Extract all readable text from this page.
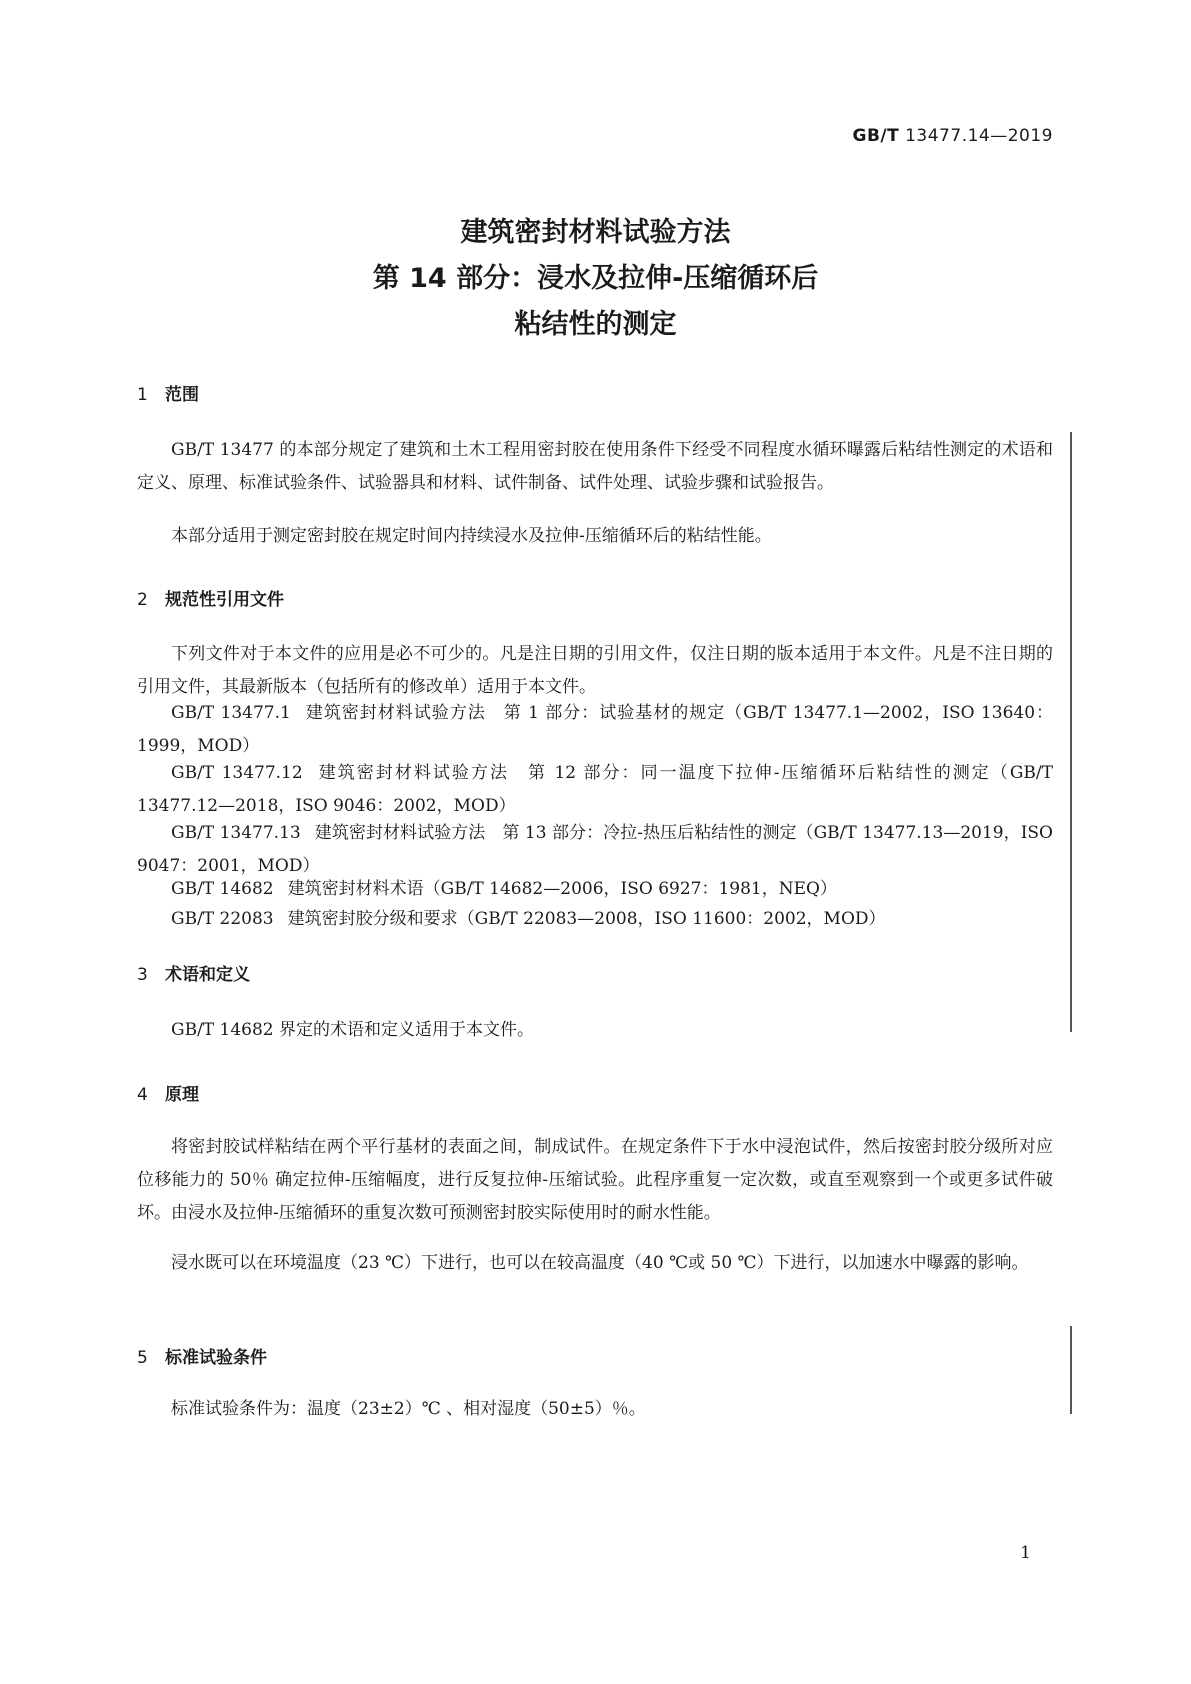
GB/T 13477.14—2019
建筑密封材料试验方法
第 14 部分：浸水及拉伸-压缩循环后
粘结性的测定
1 范围
GB/T 13477 的本部分规定了建筑和土木工程用密封胶在使用条件下经受不同程度水循环曝露后粘结性测定的术语和定义、原理、标准试验条件、试验器具和材料、试件制备、试件处理、试验步骤和试验报告。
本部分适用于测定密封胶在规定时间内持续浸水及拉伸-压缩循环后的粘结性能。
2 规范性引用文件
下列文件对于本文件的应用是必不可少的。凡是注日期的引用文件，仅注日期的版本适用于本文件。凡是不注日期的引用文件，其最新版本（包括所有的修改单）适用于本文件。
GB/T 13477.1 建筑密封材料试验方法　第 1 部分：试验基材的规定（GB/T 13477.1—2002，ISO 13640：1999，MOD）
GB/T 13477.12 建筑密封材料试验方法　第 12 部分：同一温度下拉伸-压缩循环后粘结性的测定（GB/T 13477.12—2018，ISO 9046：2002，MOD）
GB/T 13477.13 建筑密封材料试验方法　第 13 部分：冷拉-热压后粘结性的测定（GB/T 13477.13—2019，ISO 9047：2001，MOD）
GB/T 14682 建筑密封材料术语（GB/T 14682—2006，ISO 6927：1981，NEQ）
GB/T 22083 建筑密封胶分级和要求（GB/T 22083—2008，ISO 11600：2002，MOD）
3 术语和定义
GB/T 14682 界定的术语和定义适用于本文件。
4 原理
将密封胶试样粘结在两个平行基材的表面之间，制成试件。在规定条件下于水中浸泡试件，然后按密封胶分级所对应位移能力的 50％ 确定拉伸-压缩幅度，进行反复拉伸-压缩试验。此程序重复一定次数，或直至观察到一个或更多试件破坏。由浸水及拉伸-压缩循环的重复次数可预测密封胶实际使用时的耐水性能。
浸水既可以在环境温度（23 ℃）下进行，也可以在较高温度（40 ℃或 50 ℃）下进行，以加速水中曝露的影响。
5 标准试验条件
标准试验条件为：温度（23±2）℃ 、相对湿度（50±5）％。
1
